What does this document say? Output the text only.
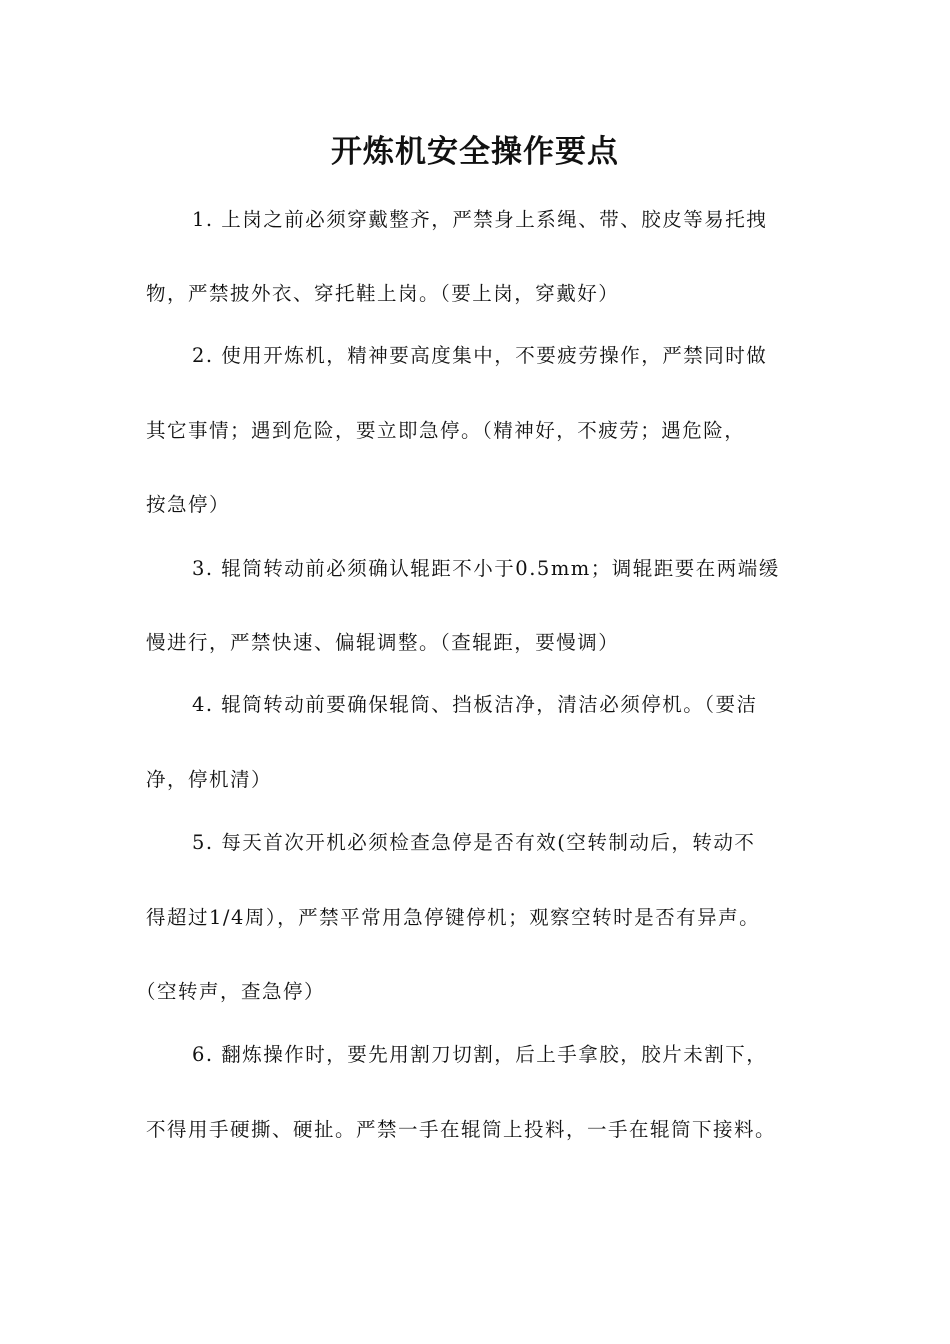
开炼机安全操作要点
1. 上岗之前必须穿戴整齐，严禁身上系绳、带、胶皮等易托拽
物，严禁披外衣、穿托鞋上岗。（要上岗，穿戴好）
2. 使用开炼机，精神要高度集中，不要疲劳操作，严禁同时做
其它事情；遇到危险，要立即急停。（精神好，不疲劳；遇危险，
按急停）
3. 辊筒转动前必须确认辊距不小于0.5mm；调辊距要在两端缓
慢进行，严禁快速、偏辊调整。（查辊距，要慢调）
4. 辊筒转动前要确保辊筒、挡板洁净，清洁必须停机。（要洁
净，停机清）
5. 每天首次开机必须检查急停是否有效(空转制动后，转动不
得超过1/4周），严禁平常用急停键停机；观察空转时是否有异声。
（空转声，查急停）
6. 翻炼操作时，要先用割刀切割，后上手拿胶，胶片未割下，
不得用手硬撕、硬扯。严禁一手在辊筒上投料，一手在辊筒下接料。
